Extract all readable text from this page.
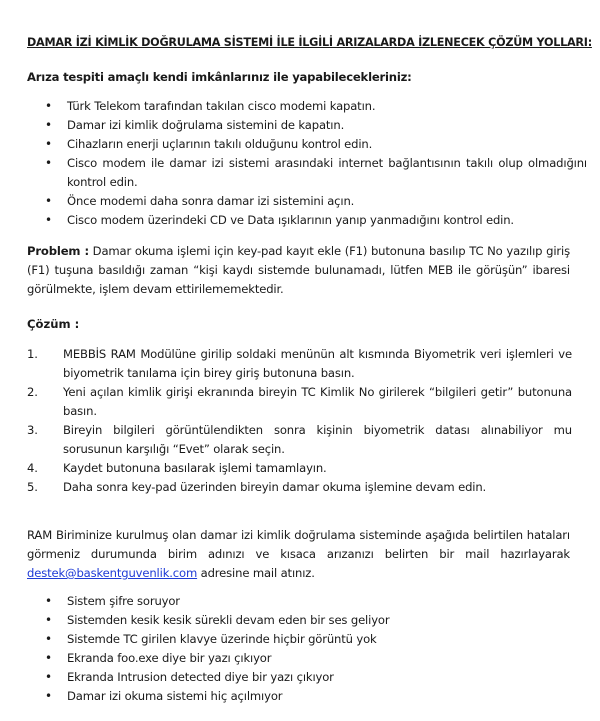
DAMAR İZİ KİMLİK DOĞRULAMA SİSTEMİ İLE İLGİLİ ARIZALARDA İZLENECEK ÇÖZÜM YOLLARI:
Arıza tespiti amaçlı kendi imkânlarınız ile yapabilecekleriniz:
• Türk Telekom tarafından takılan cisco modemi kapatın.
• Damar izi kimlik doğrulama sistemini de kapatın.
• Cihazların enerji uçlarının takılı olduğunu kontrol edin.
• Cisco modem ile damar izi sistemi arasındaki internet bağlantısının takılı olup olmadığını kontrol edin.
• Önce modemi daha sonra damar izi sistemini açın.
• Cisco modem üzerindeki CD ve Data ışıklarının yanıp yanmadığını kontrol edin.
Problem : Damar okuma işlemi için key-pad kayıt ekle (F1) butonuna basılıp TC No yazılıp giriş (F1) tuşuna basıldığı zaman “kişi kaydı sistemde bulunamadı, lütfen MEB ile görüşün” ibaresi görülmekte, işlem devam ettirilememektedir.
Çözüm :
1. MEBBİS RAM Modülüne girilip soldaki menünün alt kısmında Biyometrik veri işlemleri ve biyometrik tanılama için birey giriş butonuna basın.
2. Yeni açılan kimlik girişi ekranında bireyin TC Kimlik No girilerek “bilgileri getir” butonuna basın.
3. Bireyin bilgileri görüntülendikten sonra kişinin biyometrik datası alınabiliyor mu sorusunun karşılığı “Evet” olarak seçin.
4. Kaydet butonuna basılarak işlemi tamamlayın.
5. Daha sonra key-pad üzerinden bireyin damar okuma işlemine devam edin.
RAM Biriminize kurulmuş olan damar izi kimlik doğrulama sisteminde aşağıda belirtilen hataları görmeniz durumunda birim adınızı ve kısaca arızanızı belirten bir mail hazırlayarak destek@baskentguvenlik.com adresine mail atınız.
• Sistem şifre soruyor
• Sistemden kesik kesik sürekli devam eden bir ses geliyor
• Sistemde TC girilen klavye üzerinde hiçbir görüntü yok
• Ekranda foo.exe diye bir yazı çıkıyor
• Ekranda Intrusion detected diye bir yazı çıkıyor
• Damar izi okuma sistemi hiç açılmıyor
